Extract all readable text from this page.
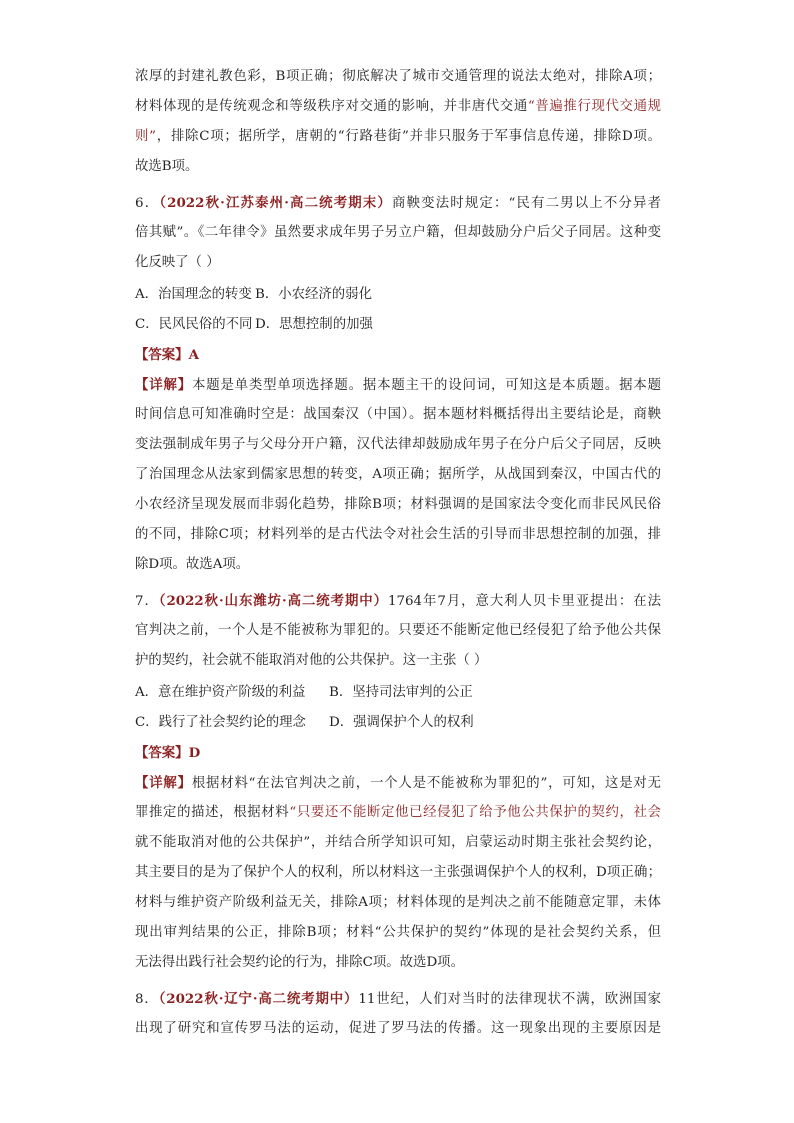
浓厚的封建礼教色彩，B项正确；彻底解决了城市交通管理的说法太绝对，排除A项；
材料体现的是传统观念和等级秩序对交通的影响，并非唐代交通“普遍推行现代交通规
则”，排除C项；据所学，唐朝的“行路巷街”并非只服务于军事信息传递，排除D项。
故选B项。
6．（2022秋·江苏泰州·高二统考期末）商鞅变法时规定：“民有二男以上不分异者
倍其赋”。《二年律令》虽然要求成年男子另立户籍，但却鼓励分户后父子同居。这种变
化反映了（ ）
A．治国理念的转变 B．小农经济的弱化
C．民风民俗的不同 D．思想控制的加强
【答案】A
【详解】本题是单类型单项选择题。据本题主干的设问词，可知这是本质题。据本题
时间信息可知准确时空是：战国秦汉（中国）。据本题材料概括得出主要结论是，商鞅
变法强制成年男子与父母分开户籍，汉代法律却鼓励成年男子在分户后父子同居，反映
了治国理念从法家到儒家思想的转变，A项正确；据所学，从战国到秦汉，中国古代的
小农经济呈现发展而非弱化趋势，排除B项；材料强调的是国家法令变化而非民风民俗
的不同，排除C项；材料列举的是古代法令对社会生活的引导而非思想控制的加强，排
除D项。故选A项。
7．（2022秋·山东潍坊·高二统考期中）1764年7月，意大利人贝卡里亚提出：在法
官判决之前，一个人是不能被称为罪犯的。只要还不能断定他已经侵犯了给予他公共保
护的契约，社会就不能取消对他的公共保护。这一主张（ ）
A．意在维护资产阶级的利益 B．坚持司法审判的公正
C．践行了社会契约论的理念 D．强调保护个人的权利
【答案】D
【详解】根据材料“在法官判决之前，一个人是不能被称为罪犯的”，可知，这是对无
罪推定的描述，根据材料“只要还不能断定他已经侵犯了给予他公共保护的契约，社会
就不能取消对他的公共保护”，并结合所学知识可知，启蒙运动时期主张社会契约论，
其主要目的是为了保护个人的权利，所以材料这一主张强调保护个人的权利，D项正确；
材料与维护资产阶级利益无关，排除A项；材料体现的是判决之前不能随意定罪，未体
现出审判结果的公正，排除B项；材料“公共保护的契约”体现的是社会契约关系，但
无法得出践行社会契约论的行为，排除C项。故选D项。
8．（2022秋·辽宁·高二统考期中）11世纪，人们对当时的法律现状不满，欧洲国家
出现了研究和宣传罗马法的运动，促进了罗马法的传播。这一现象出现的主要原因是
